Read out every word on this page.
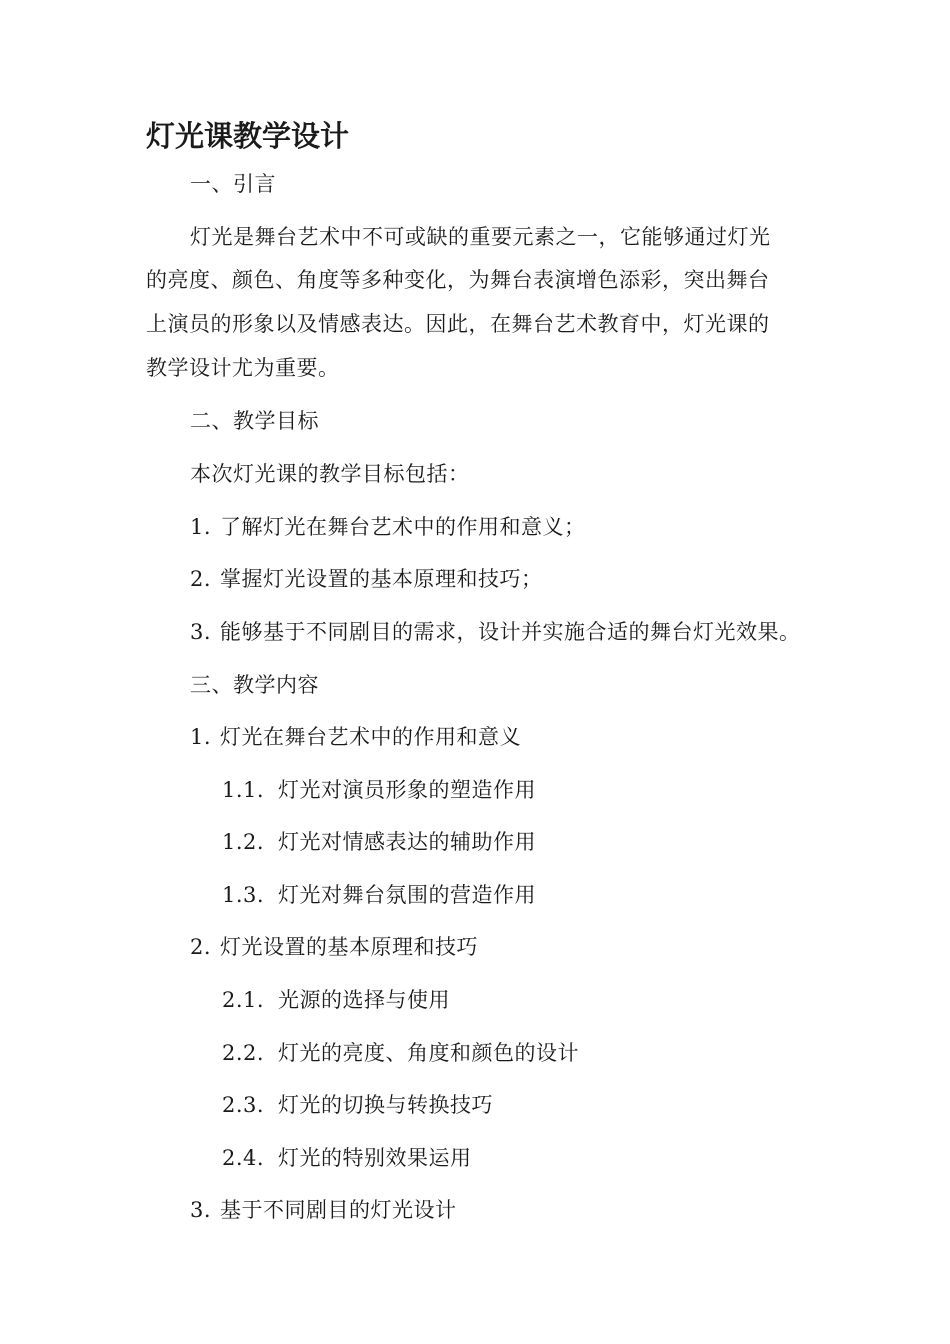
灯光课教学设计
一、引言
灯光是舞台艺术中不可或缺的重要元素之一，它能够通过灯光
的亮度、颜色、角度等多种变化，为舞台表演增色添彩，突出舞台
上演员的形象以及情感表达。因此，在舞台艺术教育中，灯光课的
教学设计尤为重要。
二、教学目标
本次灯光课的教学目标包括：
1. 了解灯光在舞台艺术中的作用和意义；
2. 掌握灯光设置的基本原理和技巧；
3. 能够基于不同剧目的需求，设计并实施合适的舞台灯光效果。
三、教学内容
1. 灯光在舞台艺术中的作用和意义
1.1. 灯光对演员形象的塑造作用
1.2. 灯光对情感表达的辅助作用
1.3. 灯光对舞台氛围的营造作用
2. 灯光设置的基本原理和技巧
2.1. 光源的选择与使用
2.2. 灯光的亮度、角度和颜色的设计
2.3. 灯光的切换与转换技巧
2.4. 灯光的特别效果运用
3. 基于不同剧目的灯光设计
